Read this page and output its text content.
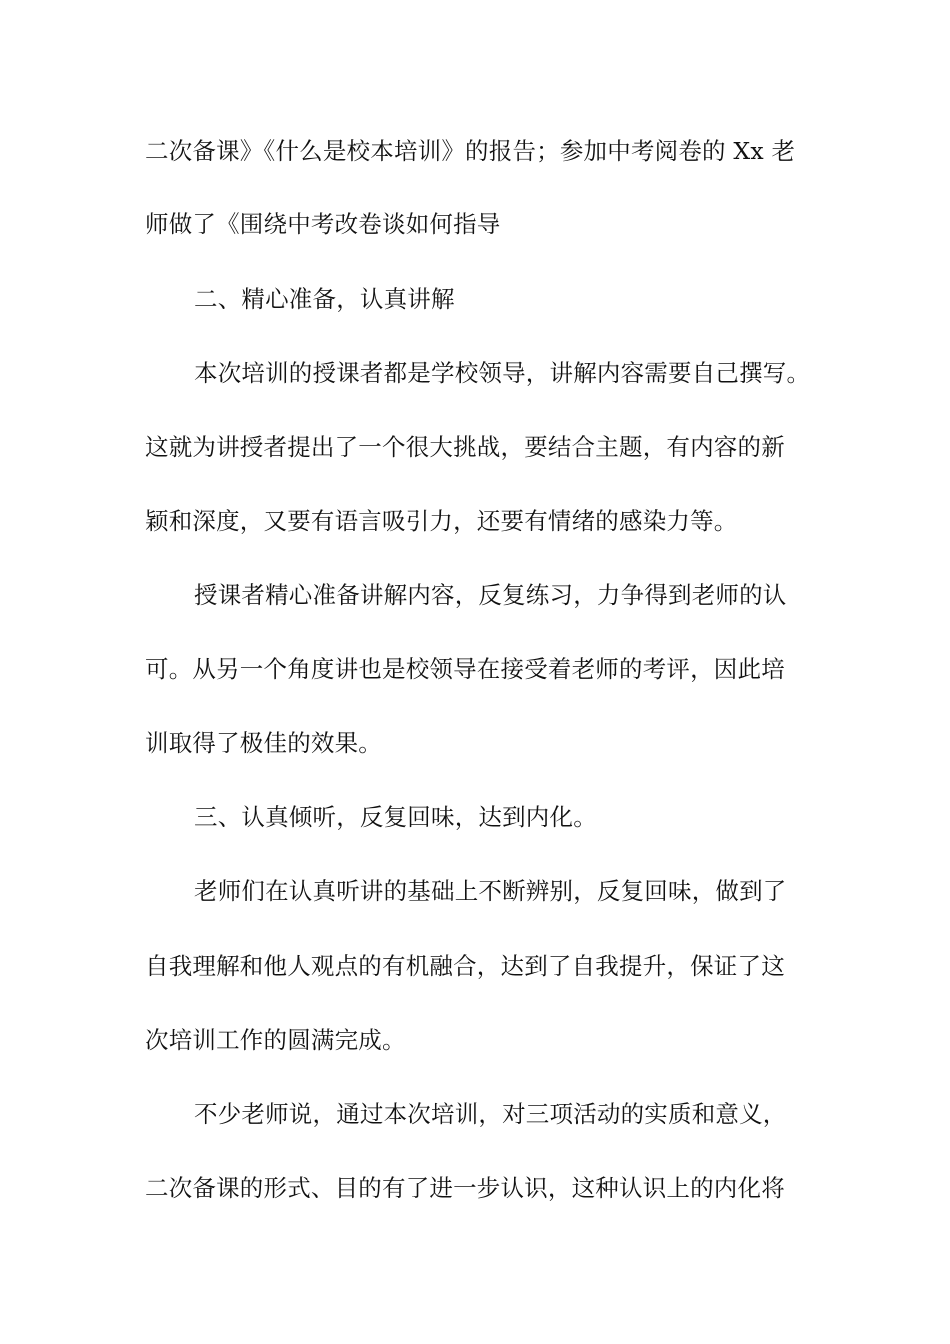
二次备课》《什么是校本培训》的报告；参加中考阅卷的 Xx 老
师做了《围绕中考改卷谈如何指导
二、精心准备，认真讲解
本次培训的授课者都是学校领导，讲解内容需要自己撰写。
这就为讲授者提出了一个很大挑战，要结合主题，有内容的新
颖和深度，又要有语言吸引力，还要有情绪的感染力等。
授课者精心准备讲解内容，反复练习，力争得到老师的认
可。从另一个角度讲也是校领导在接受着老师的考评，因此培
训取得了极佳的效果。
三、认真倾听，反复回味，达到内化。
老师们在认真听讲的基础上不断辨别，反复回味，做到了
自我理解和他人观点的有机融合，达到了自我提升，保证了这
次培训工作的圆满完成。
不少老师说，通过本次培训，对三项活动的实质和意义，
二次备课的形式、目的有了进一步认识，这种认识上的内化将
